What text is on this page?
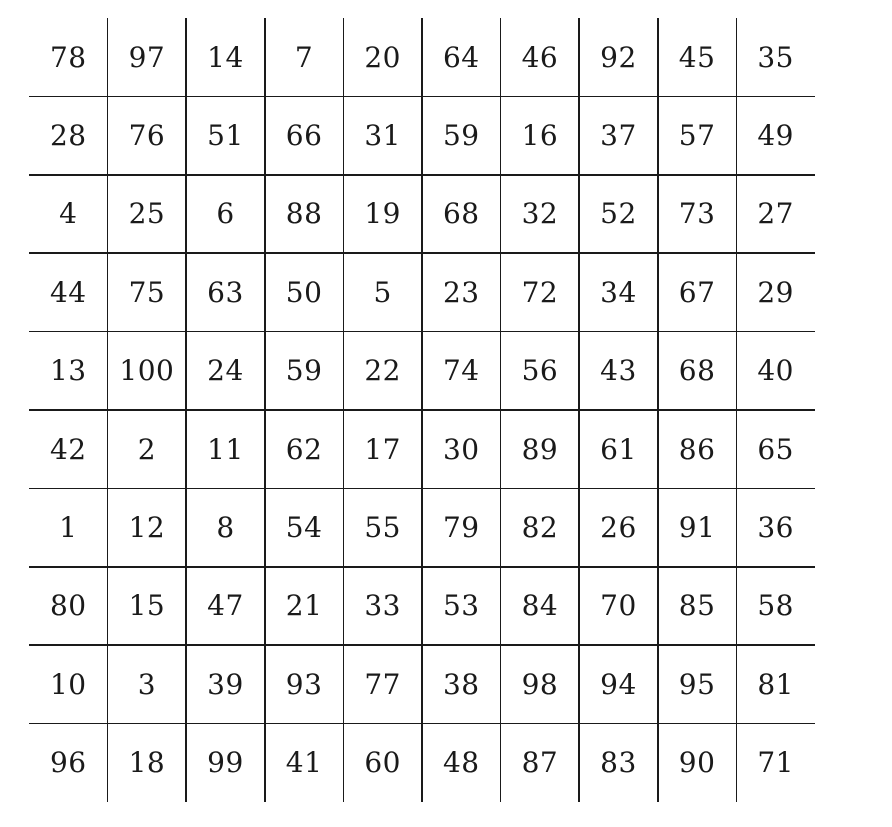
78	97	14	7	20	64	46	92	45	35
28	76	51	66	31	59	16	37	57	49
4	25	6	88	19	68	32	52	73	27
44	75	63	50	5	23	72	34	67	29
13	100	24	59	22	74	56	43	68	40
42	2	11	62	17	30	89	61	86	65
1	12	8	54	55	79	82	26	91	36
80	15	47	21	33	53	84	70	85	58
10	3	39	93	77	38	98	94	95	81
96	18	99	41	60	48	87	83	90	71
